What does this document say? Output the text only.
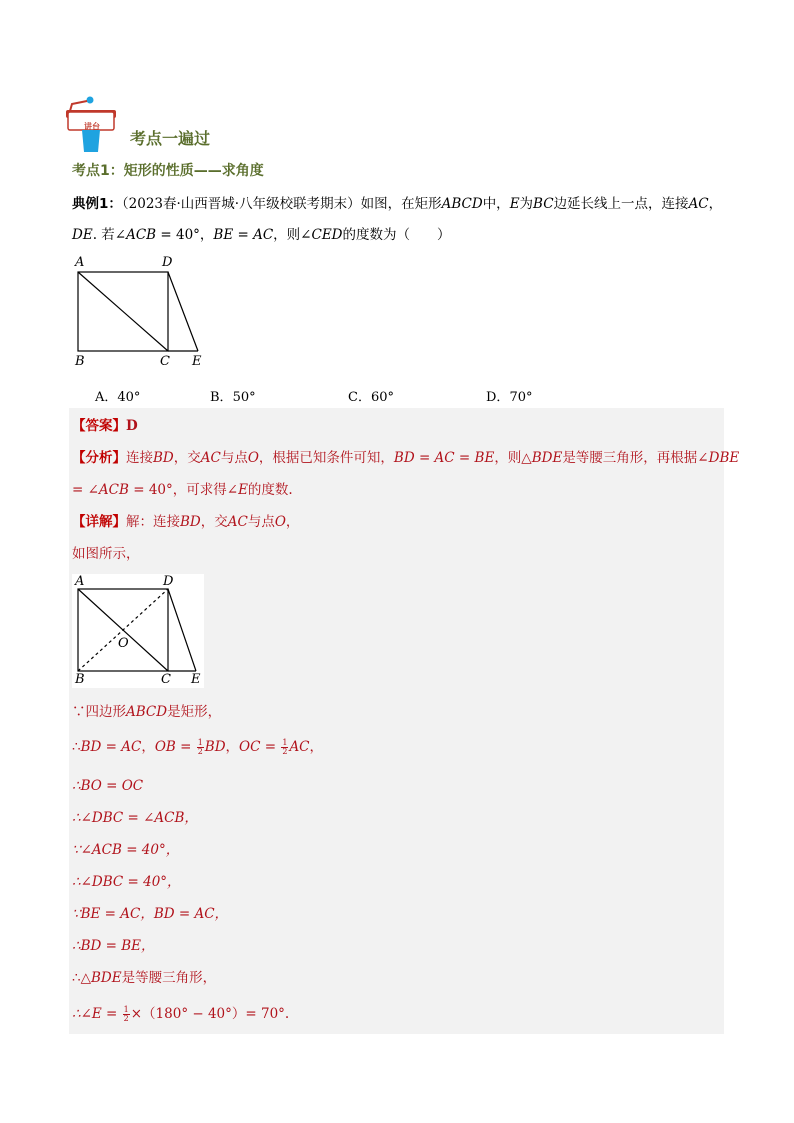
讲台
考点一遍过
考点1：矩形的性质——求角度
典例1：（2023春·山西晋城·八年级校联考期末）如图，在矩形ABCD中，E为BC边延长线上一点，连接AC，
DE. 若∠ACB = 40°，BE = AC，则∠CED的度数为（　　）
A	D
B	C E
A．40°	B．50°	C．60°	D．70°
【答案】D
【分析】连接BD，交AC与点O，根据已知条件可知，BD = AC = BE，则△BDE是等腰三角形，再根据∠DBE
= ∠ACB = 40°，可求得∠E的度数.
【详解】解：连接BD，交AC与点O，
如图所示，
A	D
O
B	C E
∵四边形ABCD是矩形，
∴BD = AC，OB = $\frac{1}{2}$ BD，OC = $\frac{1}{2}$ AC，
∴BO = OC
∴∠DBC = ∠ACB，
∵∠ACB = 40°，
∴∠DBC = 40°，
∵BE = AC，BD = AC，
∴BD = BE，
∴△BDE是等腰三角形，
∴∠E = $\frac{1}{2} \times(180^\circ - 40^\circ)= 70^\circ$.
